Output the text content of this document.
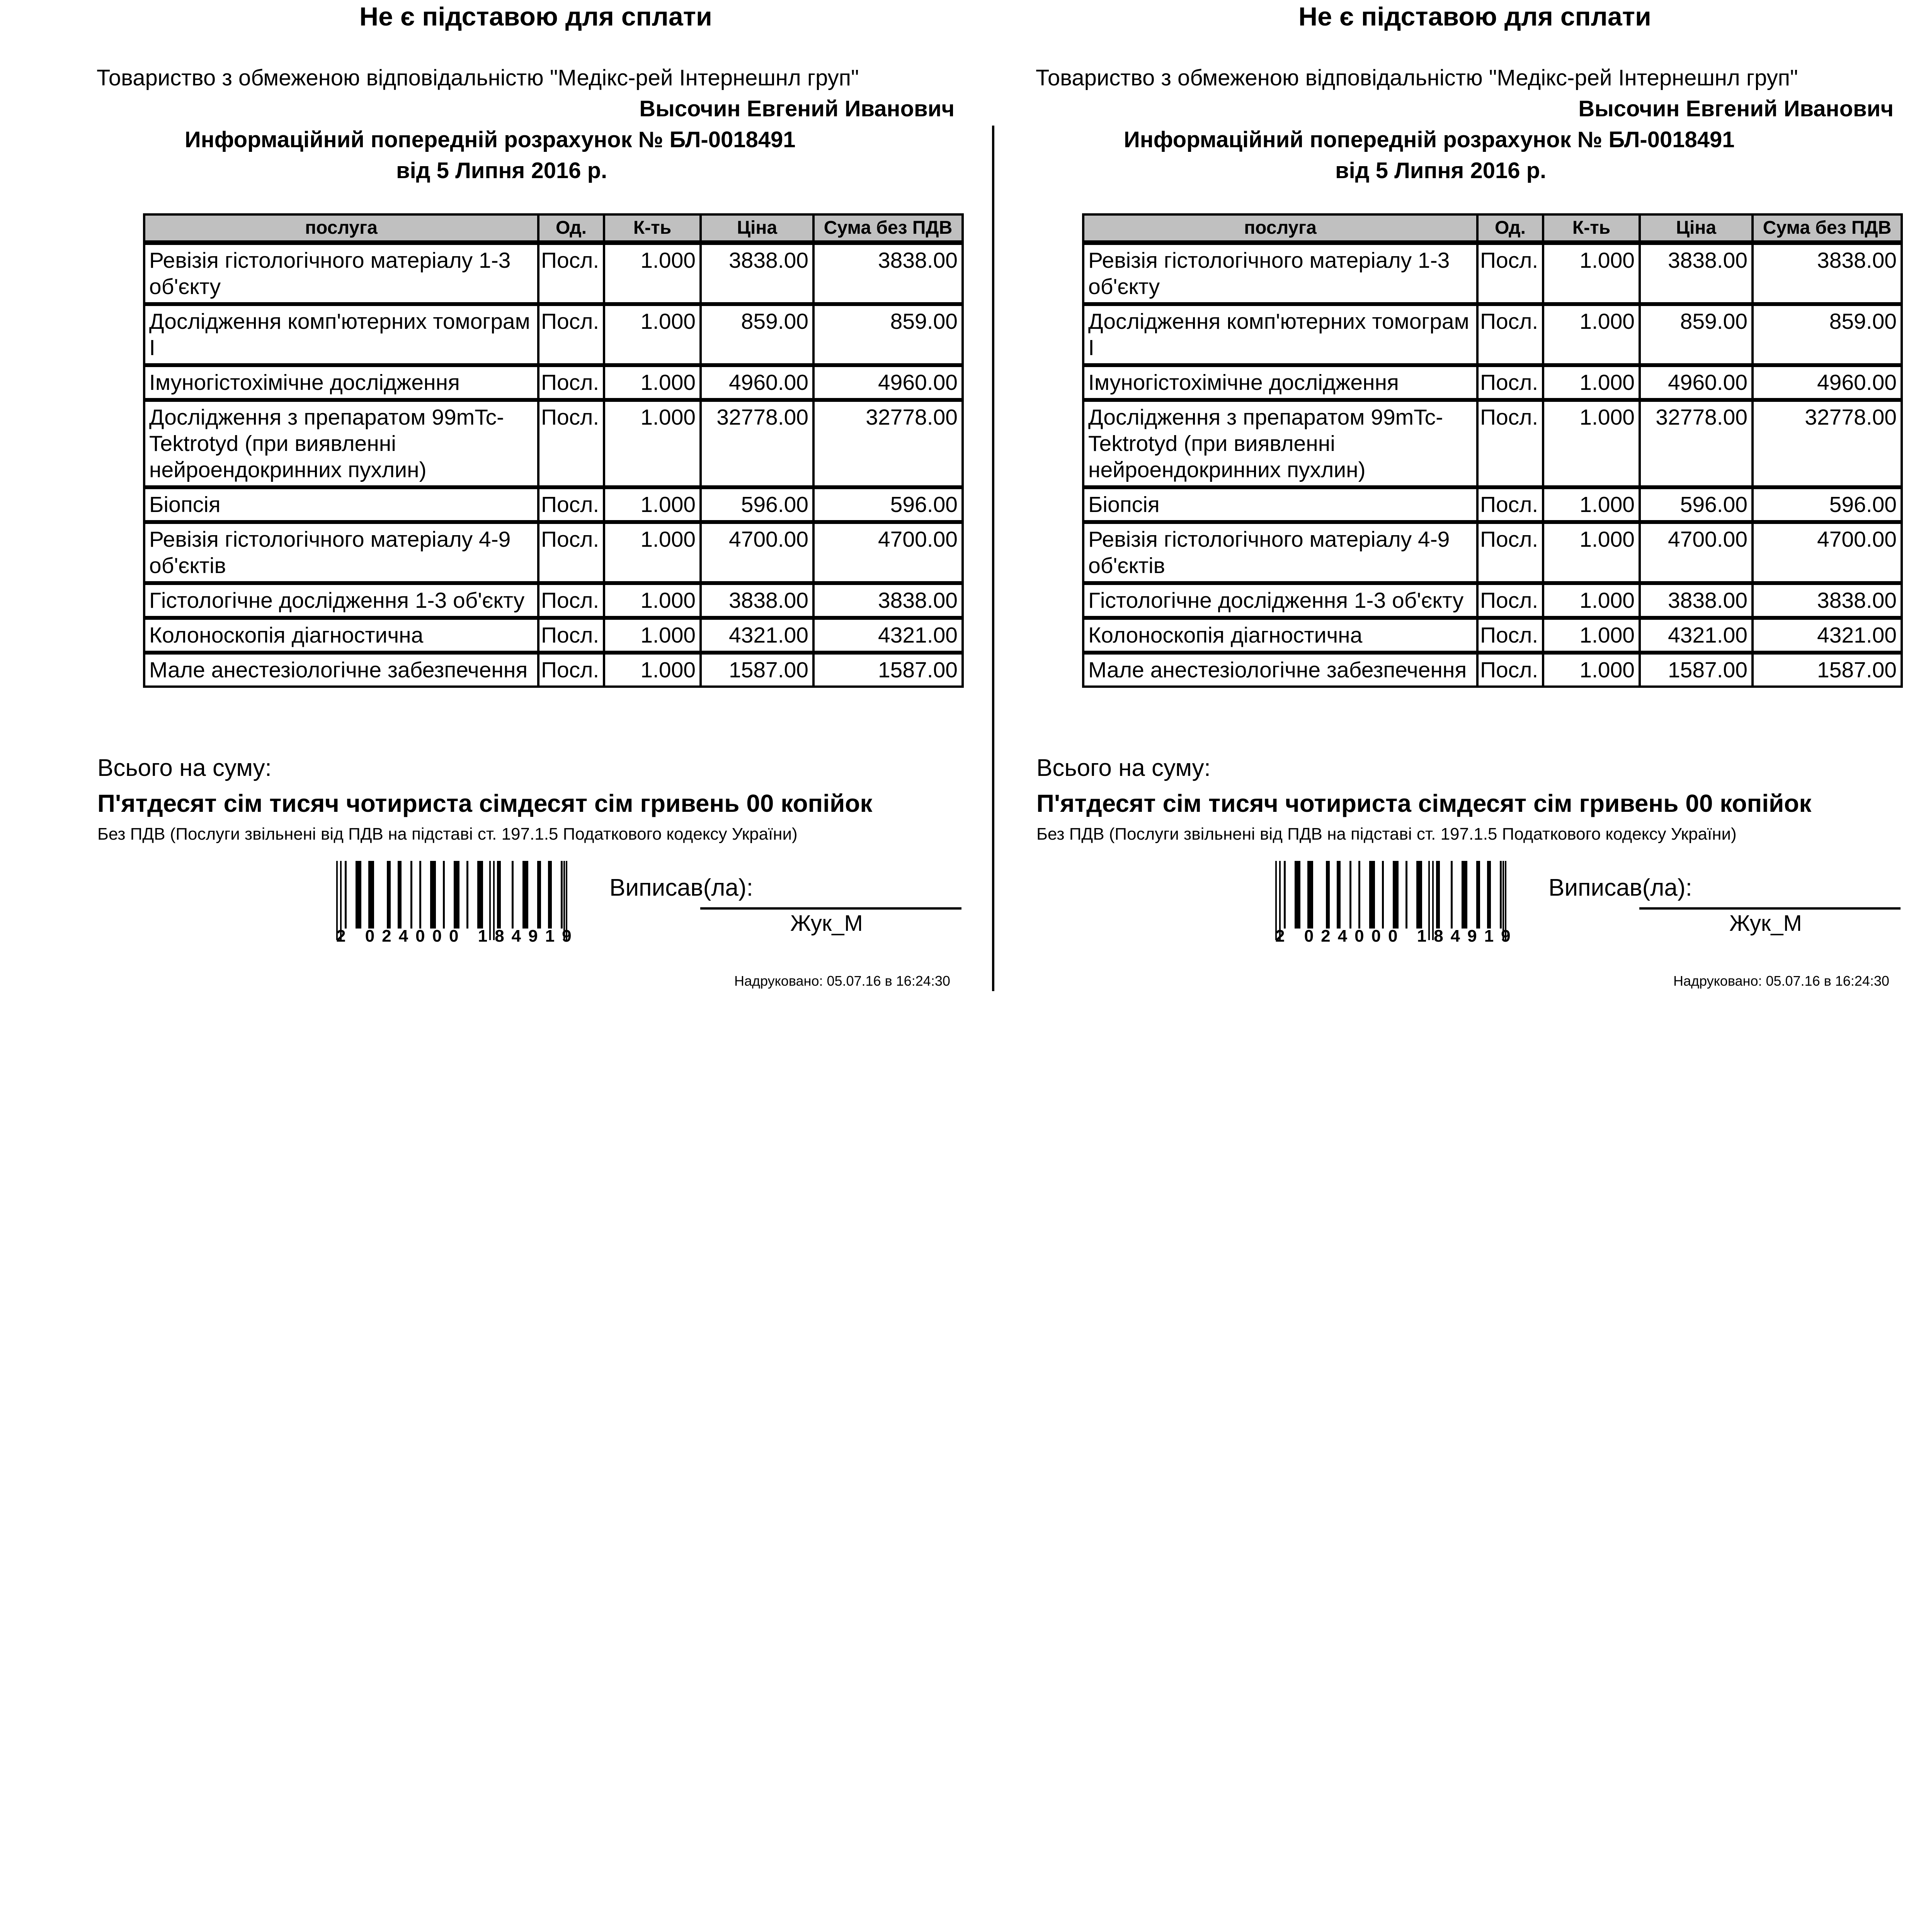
Не є підставою для сплати
Товариство з обмеженою відповідальністю "Медікс-рей Інтернешнл груп"
Высочин Евгений Иванович
Информаційний попередній розрахунок № БЛ-0018491
від 5 Липня 2016 р.
послуга	Од.	К-ть	Ціна	Сума без ПДВ
Ревізія гістологічного матеріалу 1-3 об'єкту	Посл.	1.000	3838.00	3838.00
Дослідження комп'ютерних томограм І	Посл.	1.000	859.00	859.00
Імуногістохімічне дослідження	Посл.	1.000	4960.00	4960.00
Дослідження з препаратом 99mTc-Tektrotyd (при виявленні нейроендокринних пухлин)	Посл.	1.000	32778.00	32778.00
Біопсія	Посл.	1.000	596.00	596.00
Ревізія гістологічного матеріалу 4-9 об'єктів	Посл.	1.000	4700.00	4700.00
Гістологічне дослідження 1-3 об'єкту	Посл.	1.000	3838.00	3838.00
Колоноскопія діагностична	Посл.	1.000	4321.00	4321.00
Мале анестезіологічне забезпечення	Посл.	1.000	1587.00	1587.00
Всього на суму:
П'ятдесят сім тисяч чотириста сімдесят сім гривень 00 копійок
Без ПДВ (Послуги звільнені від ПДВ на підставі ст. 197.1.5 Податкового кодексу України)
2 024000 184919
Виписав(ла):
Жук_М
Надруковано: 05.07.16 в 16:24:30
Не є підставою для сплати
Товариство з обмеженою відповідальністю "Медікс-рей Інтернешнл груп"
Высочин Евгений Иванович
Информаційний попередній розрахунок № БЛ-0018491
від 5 Липня 2016 р.
послуга	Од.	К-ть	Ціна	Сума без ПДВ
Ревізія гістологічного матеріалу 1-3 об'єкту	Посл.	1.000	3838.00	3838.00
Дослідження комп'ютерних томограм І	Посл.	1.000	859.00	859.00
Імуногістохімічне дослідження	Посл.	1.000	4960.00	4960.00
Дослідження з препаратом 99mTc-Tektrotyd (при виявленні нейроендокринних пухлин)	Посл.	1.000	32778.00	32778.00
Біопсія	Посл.	1.000	596.00	596.00
Ревізія гістологічного матеріалу 4-9 об'єктів	Посл.	1.000	4700.00	4700.00
Гістологічне дослідження 1-3 об'єкту	Посл.	1.000	3838.00	3838.00
Колоноскопія діагностична	Посл.	1.000	4321.00	4321.00
Мале анестезіологічне забезпечення	Посл.	1.000	1587.00	1587.00
Всього на суму:
П'ятдесят сім тисяч чотириста сімдесят сім гривень 00 копійок
Без ПДВ (Послуги звільнені від ПДВ на підставі ст. 197.1.5 Податкового кодексу України)
2 024000 184919
Виписав(ла):
Жук_М
Надруковано: 05.07.16 в 16:24:30
